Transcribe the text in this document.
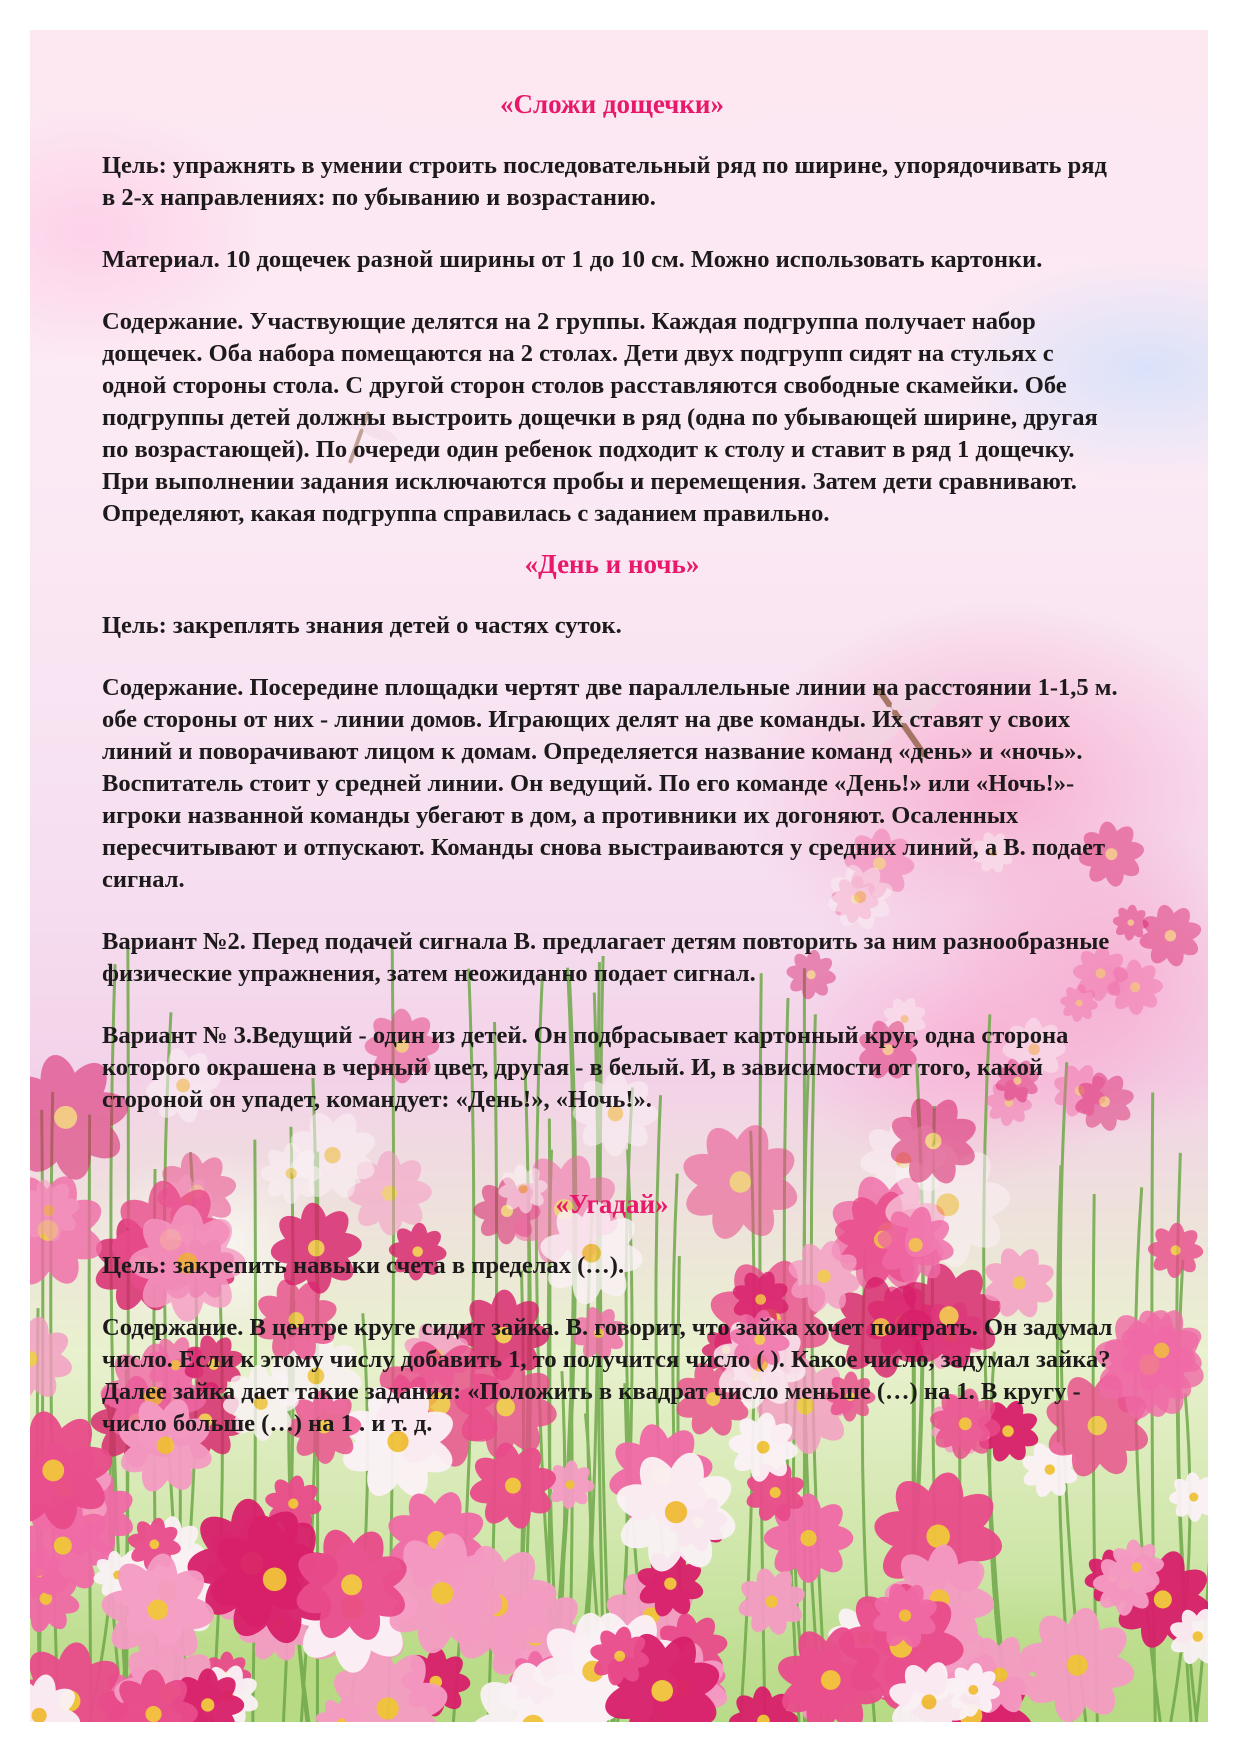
«Сложи дощечки»

Цель: упражнять в умении строить последовательный ряд по ширине, упорядочивать ряд в 2-х направлениях: по убыванию и возрастанию.

Материал. 10 дощечек разной ширины от 1 до 10 см. Можно использовать картонки.

Содержание. Участвующие делятся на 2 группы. Каждая подгруппа получает набор дощечек. Оба набора помещаются на 2 столах. Дети двух подгрупп сидят на стульях с одной стороны стола. С другой сторон столов расставляются свободные скамейки. Обе подгруппы детей должны выстроить дощечки в ряд (одна по убывающей ширине, другая по возрастающей). По очереди один ребенок подходит к столу и ставит в ряд 1 дощечку. При выполнении задания исключаются пробы и перемещения. Затем дети сравнивают. Определяют, какая подгруппа справилась с заданием правильно.

«День и ночь»

Цель: закреплять знания детей о частях суток.

Содержание. Посередине площадки чертят две параллельные линии на расстоянии 1-1,5 м. обе стороны от них - линии домов. Играющих делят на две команды. Их ставят у своих линий и поворачивают лицом к домам. Определяется название команд «день» и «ночь». Воспитатель стоит у средней линии. Он ведущий. По его команде «День!» или «Ночь!»- игроки названной команды убегают в дом, а противники их догоняют. Осаленных пересчитывают и отпускают. Команды снова выстраиваются у средних линий, а В. подает сигнал.

Вариант №2. Перед подачей сигнала В. предлагает детям повторить за ним разнообразные физические упражнения, затем неожиданно подает сигнал.

Вариант № 3.Ведущий - один из детей. Он подбрасывает картонный круг, одна сторона которого окрашена в черный цвет, другая - в белый. И, в зависимости от того, какой стороной он упадет, командует: «День!», «Ночь!».

«Угадай»

Цель: закрепить навыки счета в пределах (…).

Содержание. В центре круге сидит зайка. В. говорит, что зайка хочет поиграть. Он задумал число. Если к этому числу добавить 1, то получится число ( ). Какое число, задумал зайка?Далее зайка дает такие задания: «Положить в квадрат число меньше (…) на 1. В кругу - число больше (…) на 1 . и т. д.
